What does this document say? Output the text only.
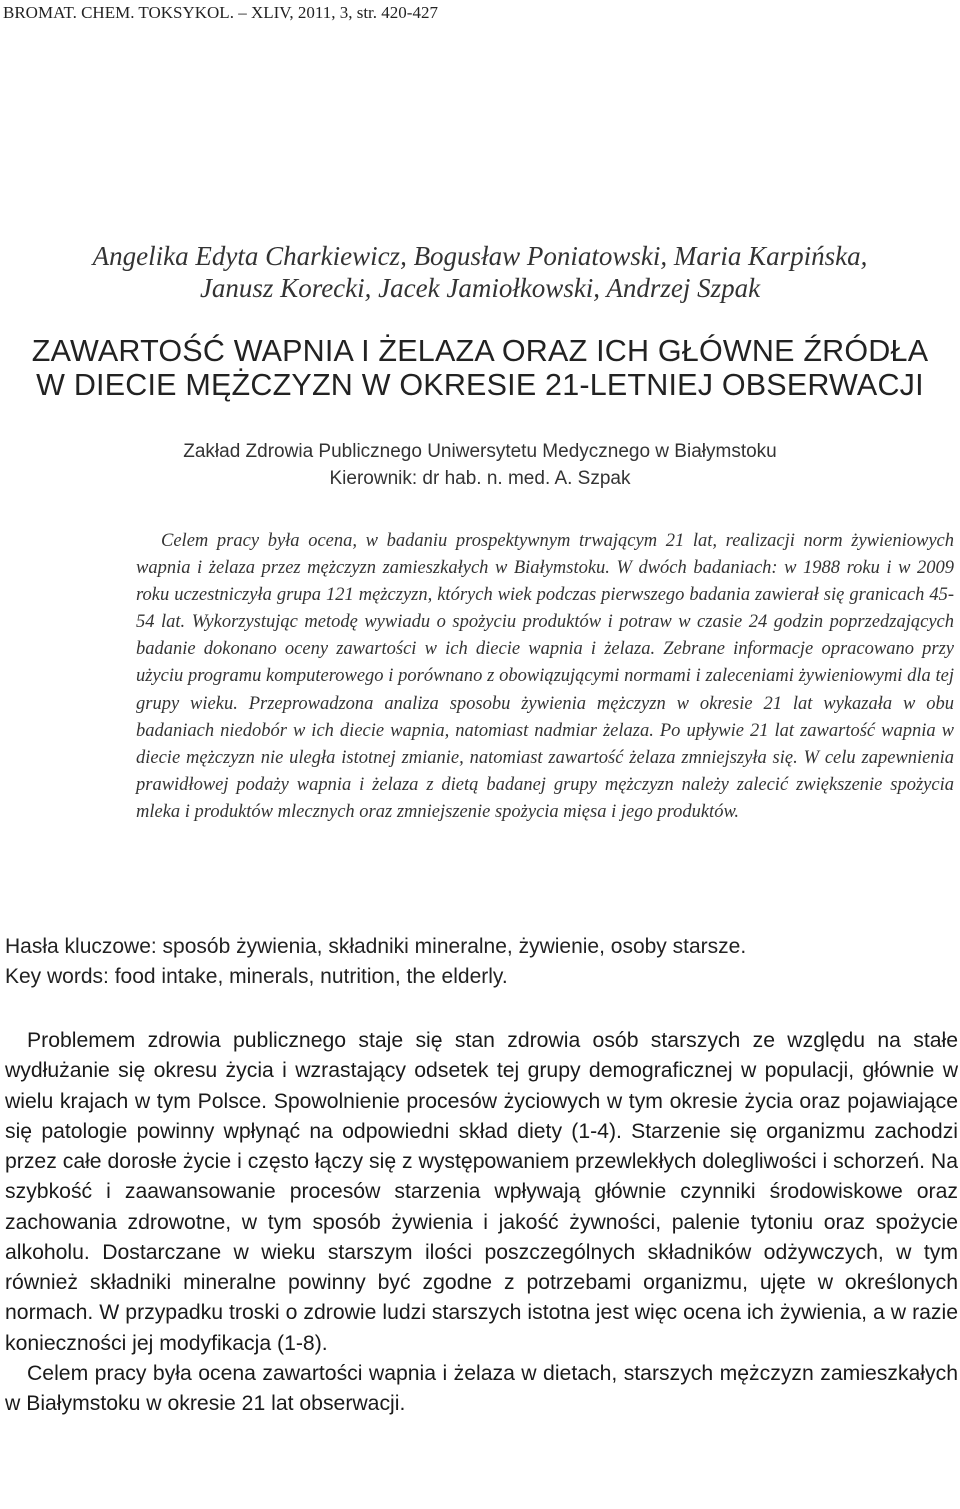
BROMAT. CHEM. TOKSYKOL. – XLIV, 2011, 3, str. 420-427
Angelika Edyta Charkiewicz, Bogusław Poniatowski, Maria Karpińska,
Janusz Korecki, Jacek Jamiołkowski, Andrzej Szpak
ZAWARTOŚĆ WAPNIA I ŻELAZA ORAZ ICH GŁÓWNE ŹRÓDŁA
W DIECIE MĘŻCZYZN W OKRESIE 21-LETNIEJ OBSERWACJI
Zakład Zdrowia Publicznego Uniwersytetu Medycznego w Białymstoku
Kierownik: dr hab. n. med. A. Szpak

Celem pracy była ocena, w badaniu prospektywnym trwającym 21 lat, realizacji norm żywieniowych wapnia i żelaza przez mężczyzn zamieszkałych w Białymstoku. W dwóch badaniach: w 1988 roku i w 2009 roku uczestniczyła grupa 121 mężczyzn, których wiek podczas pierwszego badania zawierał się granicach 45-54 lat. Wykorzystując metodę wywiadu o spożyciu produktów i potraw w czasie 24 godzin poprzedzających badanie dokonano oceny zawartości w ich diecie wapnia i żelaza. Zebrane informacje opracowano przy użyciu programu komputerowego i porównano z obowiązującymi normami i zaleceniami żywieniowymi dla tej grupy wieku. Przeprowadzona analiza sposobu żywienia mężczyzn w okresie 21 lat wykazała w obu badaniach niedobór w ich diecie wapnia, natomiast nadmiar żelaza. Po upływie 21 lat zawartość wapnia w diecie mężczyzn nie uległa istotnej zmianie, natomiast zawartość żelaza zmniejszyła się. W celu zapewnienia prawidłowej podaży wapnia i żelaza z dietą badanej grupy mężczyzn należy zalecić zwiększenie spożycia mleka i produktów mlecznych oraz zmniejszenie spożycia mięsa i jego produktów.

Hasła kluczowe: sposób żywienia, składniki mineralne, żywienie, osoby starsze.
Key words: food intake, minerals, nutrition, the elderly.

Problemem zdrowia publicznego staje się stan zdrowia osób starszych ze względu na stałe wydłużanie się okresu życia i wzrastający odsetek tej grupy demograficznej w populacji, głównie w wielu krajach w tym Polsce. Spowolnienie procesów życiowych w tym okresie życia oraz pojawiające się patologie powinny wpłynąć na odpowiedni skład diety (1-4). Starzenie się organizmu zachodzi przez całe dorosłe życie i często łączy się z występowaniem przewlekłych dolegliwości i schorzeń. Na szybkość i zaawansowanie procesów starzenia wpływają głównie czynniki środowiskowe oraz zachowania zdrowotne, w tym sposób żywienia i jakość żywności, palenie tytoniu oraz spożycie alkoholu. Dostarczane w wieku starszym ilości poszczególnych składników odżywczych, w tym również składniki mineralne powinny być zgodne z potrzebami organizmu, ujęte w określonych normach. W przypadku troski o zdrowie ludzi starszych istotna jest więc ocena ich żywienia, a w razie konieczności jej modyfikacja (1-8).

Celem pracy była ocena zawartości wapnia i żelaza w dietach, starszych mężczyzn zamieszkałych w Białymstoku w okresie 21 lat obserwacji.
